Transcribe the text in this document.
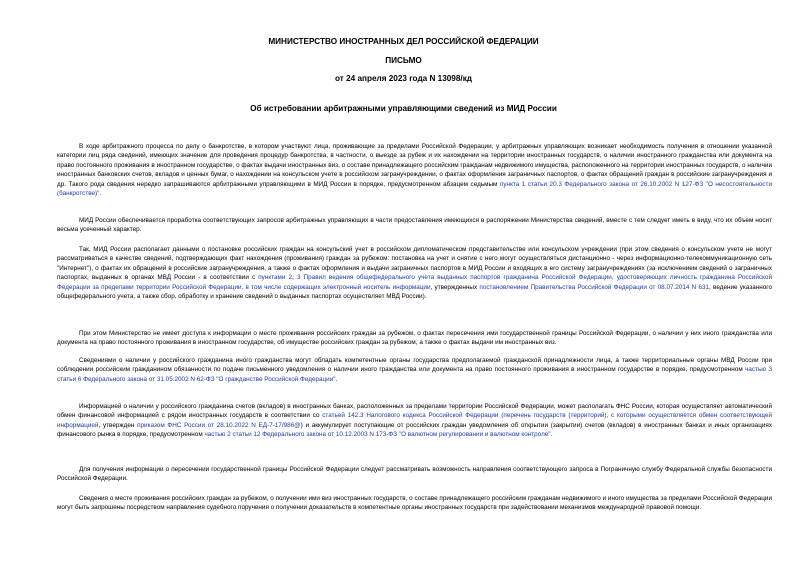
МИНИСТЕРСТВО ИНОСТРАННЫХ ДЕЛ РОССИЙСКОЙ ФЕДЕРАЦИИ
ПИСЬМО
от 24 апреля 2023 года N 13098/кд
Об истребовании арбитражными управляющими сведений из МИД России
В ходе арбитражного процесса по делу о банкротстве, в котором участвуют лица, проживающие за пределами Российской Федерации, у арбитражных управляющих возникает необходимость получения в отношении указанной категории лиц ряда сведений, имеющих значение для проведения процедур банкротства, в частности, о выезде за рубеж и их нахождении на территории иностранных государств, о наличии иностранного гражданства или документа на право постоянного проживания в иностранном государстве, о фактах выдачи иностранных виз, о составе принадлежащего российским гражданам недвижимого имущества, расположенного на территории иностранных государств, о наличии иностранных банковских счетов, вкладов и ценных бумаг, о нахождении на консульском учете в российском загранучреждении, о фактах оформления заграничных паспортов, о фактах обращений граждан в российские загранучреждения и др. Такого рода сведения нередко запрашиваются арбитражными управляющими в МИД России в порядке, предусмотренном абзацем седьмым пункта 1 статьи 20.3 Федерального закона от 26.10.2002 N 127-ФЗ "О несостоятельности (банкротстве)".
МИД России обеспечивается проработка соответствующих запросов арбитражных управляющих в части предоставления имеющихся в распоряжении Министерства сведений, вместе с тем следует иметь в виду, что их объем носит весьма усеченный характер.
Так, МИД России располагает данными о постановке российских граждан на консульский учет в российском дипломатическом представительстве или консульском учреждении (при этом сведения о консульском учете не могут рассматриваться в качестве сведений, подтверждающих факт нахождения (проживания) граждан за рубежом: постановка на учет и снятие с него могут осуществляться дистанционно - через информационно-телекоммуникационную сеть "Интернет"), о фактах их обращений в российские загранучреждения, а также о фактах оформления и выдачи заграничных паспортов в МИД России и входящих в его систему загранучреждениях (за исключением сведений о заграничных паспортах, выданных в органах МВД России - в соответствии с пунктами 2, 3 Правил ведения общефедерального учета выданных паспортов гражданина Российской Федерации, удостоверяющих личность гражданина Российской Федерации за пределами территории Российской Федерации, в том числе содержащих электронный носитель информации, утвержденных постановлением Правительства Российской Федерации от 08.07.2014 N 631, ведение указанного общефедерального учета, а также сбор, обработку и хранение сведений о выданных паспортах осуществляет МВД России).
При этом Министерство не имеет доступа к информации о месте проживания российских граждан за рубежом, о фактах пересечения ими государственной границы Российской Федерации, о наличии у них иного гражданства или документа на право постоянного проживания в иностранном государстве, об имуществе российских граждан за рубежом, а также о фактах выдачи им иностранных виз.
Сведениями о наличии у российского гражданина иного гражданства могут обладать компетентные органы государства предполагаемой гражданской принадлежности лица, а также территориальные органы МВД России при соблюдении российским гражданином обязанности по подаче письменного уведомления о наличии иного гражданства или документа на право постоянного проживания в иностранном государстве в порядке, предусмотренном частью 3 статьи 6 Федерального закона от 31.05.2002 N 62-ФЗ "О гражданстве Российской Федерации".
Информацией о наличии у российского гражданина счетов (вкладов) в иностранных банках, расположенных за пределами территории Российской Федерации, может располагать ФНС России, которая осуществляет автоматический обмен финансовой информацией с рядом иностранных государств в соответствии со статьей 142.3 Налогового кодекса Российской Федерации (перечень государств (территорий), с которыми осуществляется обмен соответствующей информацией, утвержден приказом ФНС России от 28.10.2022 N ЕД-7-17/986@) и аккумулирует поступающие от российских граждан уведомления об открытии (закрытии) счетов (вкладов) в иностранных банках и иных организациях финансового рынка в порядке, предусмотренном частью 2 статьи 12 Федерального закона от 10.12.2003 N 173-ФЗ "О валютном регулировании и валютном контроле".
Для получения информации о пересечении государственной границы Российской Федерации следует рассматривать возможность направления соответствующего запроса в Пограничную службу Федеральной службы безопасности Российской Федерации.
Сведения о месте проживания российских граждан за рубежом, о получении ими виз иностранных государств, о составе принадлежащего российским гражданам недвижимого и иного имущества за пределами Российской Федерации могут быть запрошены посредством направления судебного поручения о получении доказательств в компетентные органы иностранных государств при задействовании механизмов международной правовой помощи.
